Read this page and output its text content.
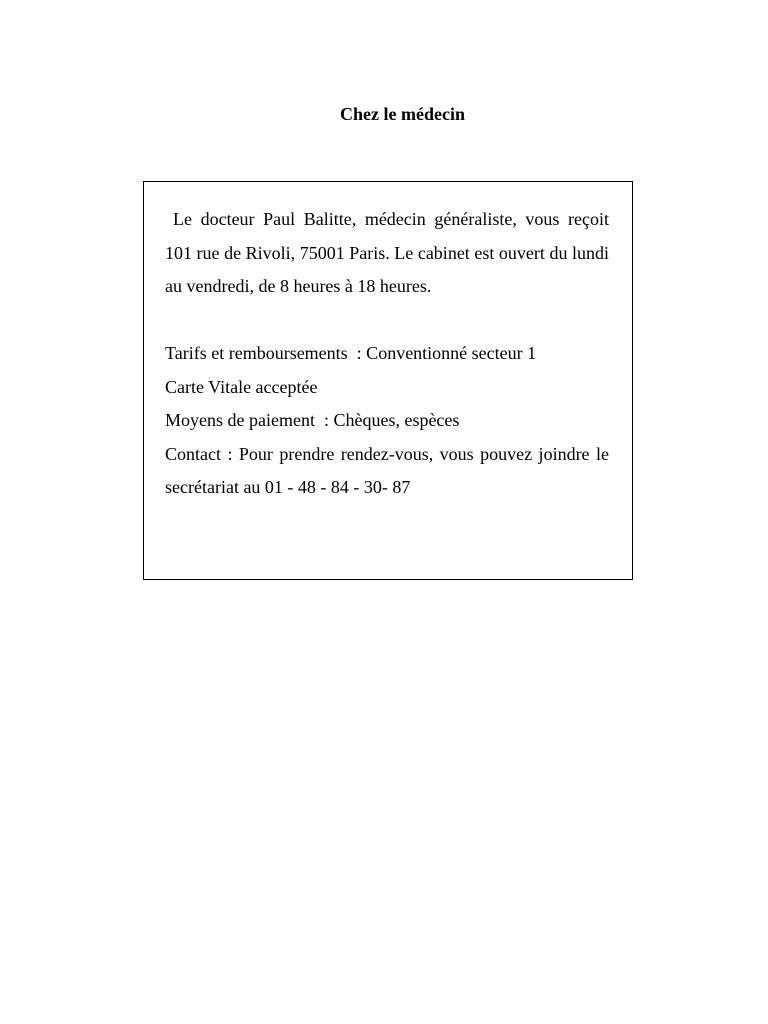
Chez le médecin

Le docteur Paul Balitte, médecin généraliste, vous reçoit 101 rue de Rivoli, 75001 Paris. Le cabinet est ouvert du lundi au vendredi, de 8 heures à 18 heures.

Tarifs et remboursements  : Conventionné secteur 1

Carte Vitale acceptée

Moyens de paiement  : Chèques, espèces

Contact : Pour prendre rendez-vous, vous pouvez joindre le secrétariat au 01 - 48 - 84 - 30- 87
